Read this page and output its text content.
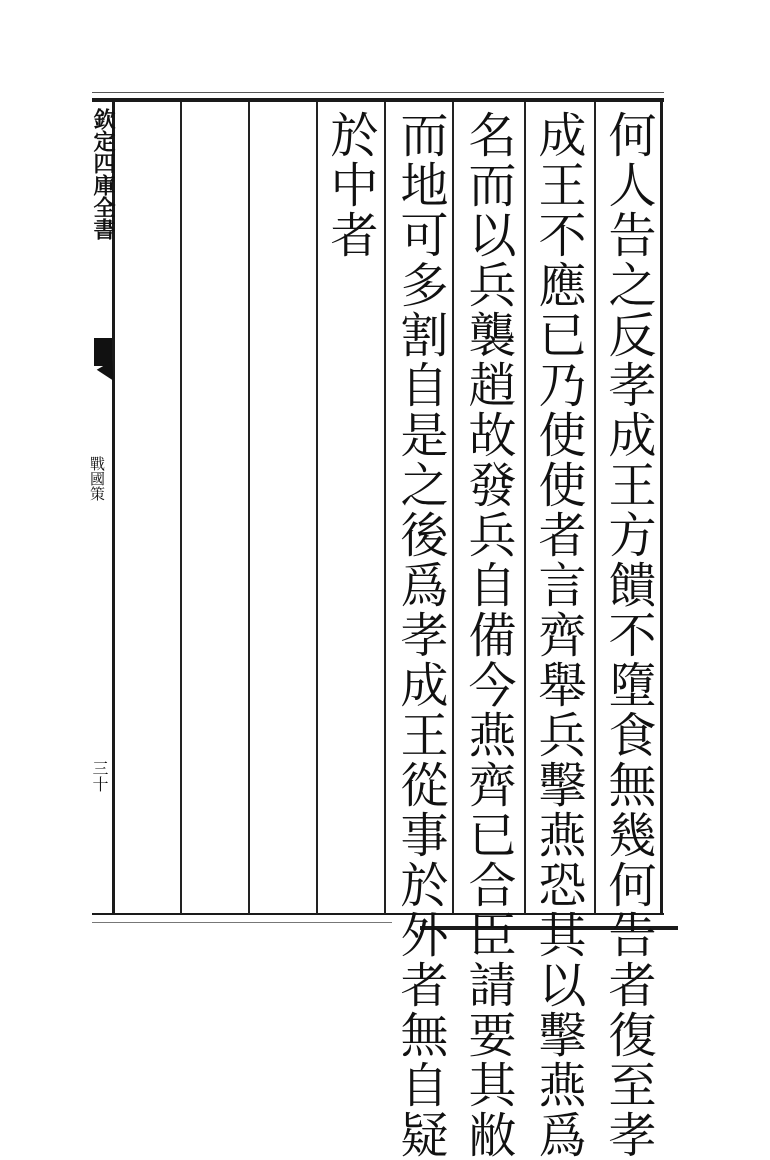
何人告之反孝成王方饋不墮食無幾何告者復至孝
成王不應已乃使使者言齊舉兵擊燕恐其以擊燕爲
名而以兵襲趙故發兵自備今燕齊已合臣請要其敝
而地可多割自是之後爲孝成王從事於外者無自疑
於中者
欽定四庫全書
戰國策
三十
